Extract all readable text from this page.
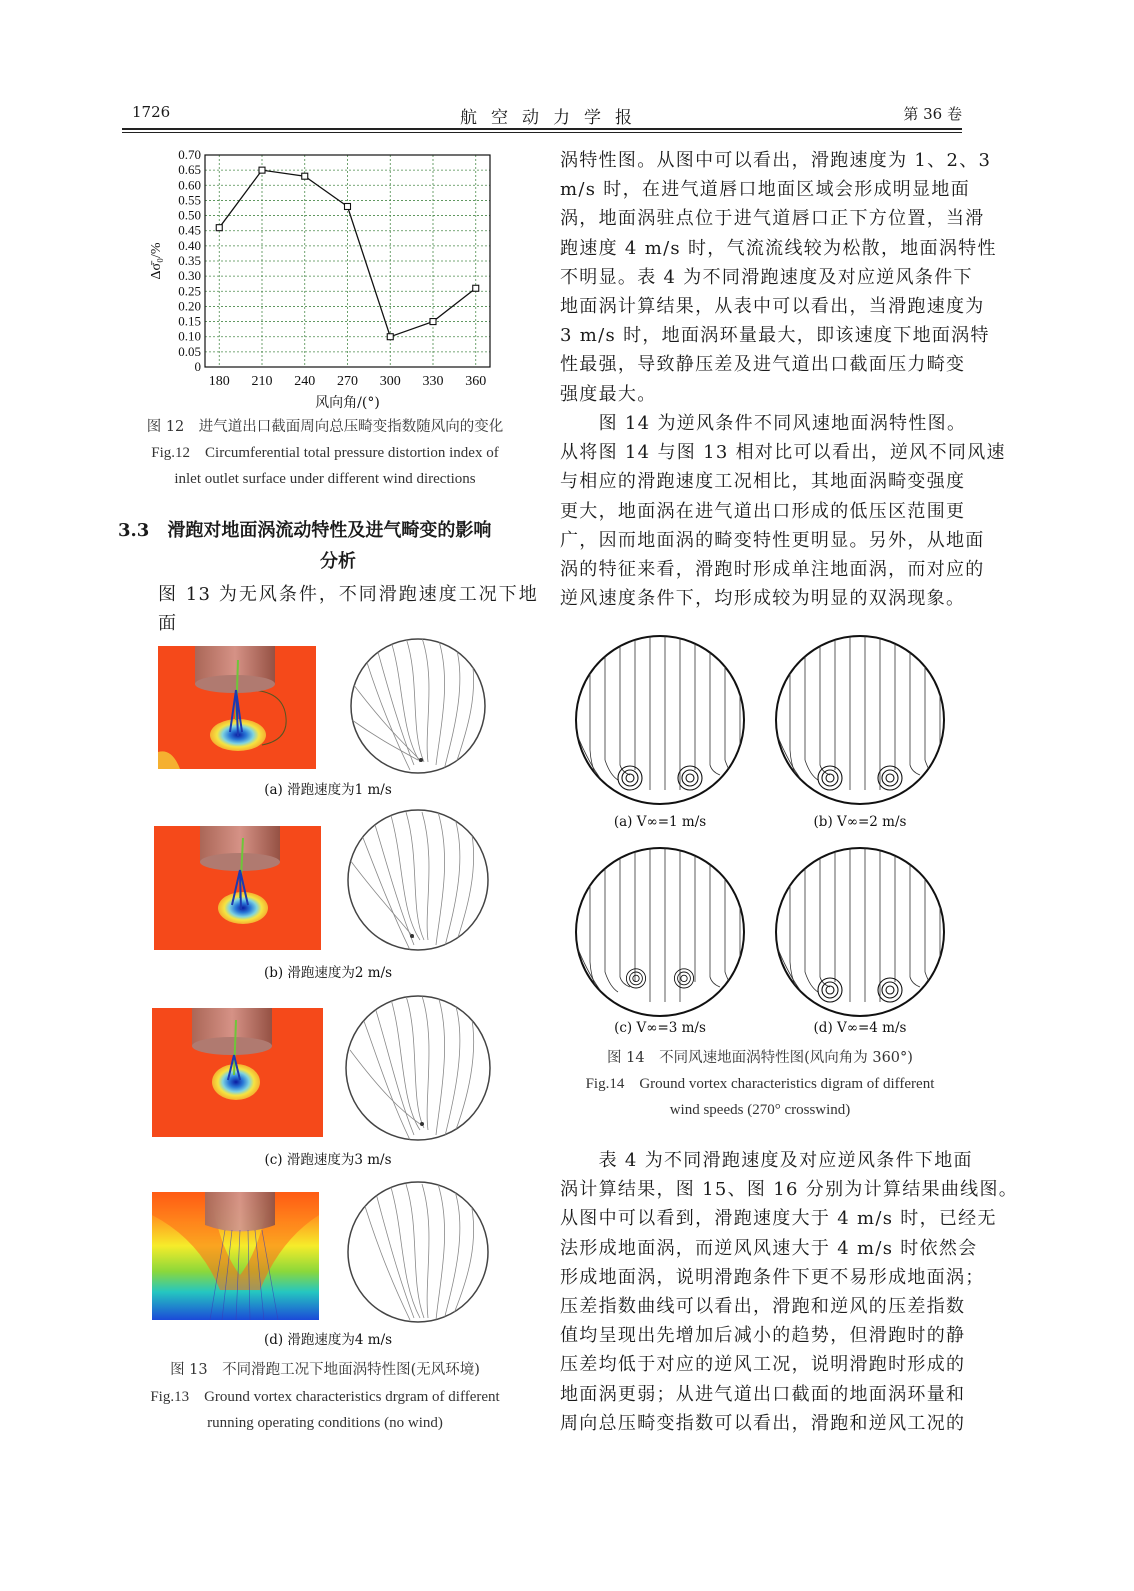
1726	航空动力学报	第 36 卷
0
0.05
0.10
0.15
0.20
0.25
0.30
0.35
0.40
0.45
0.50
0.55
0.60
0.65
0.70
180 210 240 270 300 330 360
风向角/(°)
Δσ̄₀/%
图 12　进气道出口截面周向总压畸变指数随风向的变化
Fig.12　Circumferential total pressure distortion index of
inlet outlet surface under different wind directions
3.3　滑跑对地面涡流动特性及进气畸变的影响
分析
图 13 为无风条件，不同滑跑速度工况下地面
涡特性图。从图中可以看出，滑跑速度为 1、2、3
m/s 时，在进气道唇口地面区域会形成明显地面
涡，地面涡驻点位于进气道唇口正下方位置，当滑
跑速度 4 m/s 时，气流流线较为松散，地面涡特性
不明显。表 4 为不同滑跑速度及对应逆风条件下
地面涡计算结果，从表中可以看出，当滑跑速度为
3 m/s 时，地面涡环量最大，即该速度下地面涡特
性最强，导致静压差及进气道出口截面压力畸变
强度最大。
　　图 14 为逆风条件不同风速地面涡特性图。
从将图 14 与图 13 相对比可以看出，逆风不同风速
与相应的滑跑速度工况相比，其地面涡畸变强度
更大，地面涡在进气道出口形成的低压区范围更
广，因而地面涡的畸变特性更明显。另外，从地面
涡的特征来看，滑跑时形成单注地面涡，而对应的
逆风速度条件下，均形成较为明显的双涡现象。
　　表 4 为不同滑跑速度及对应逆风条件下地面
涡计算结果，图 15、图 16 分别为计算结果曲线图。
从图中可以看到，滑跑速度大于 4 m/s 时，已经无
法形成地面涡，而逆风风速大于 4 m/s 时依然会
形成地面涡，说明滑跑条件下更不易形成地面涡；
压差指数曲线可以看出，滑跑和逆风的压差指数
值均呈现出先增加后减小的趋势，但滑跑时的静
压差均低于对应的逆风工况，说明滑跑时形成的
地面涡更弱；从进气道出口截面的地面涡环量和
周向总压畸变指数可以看出，滑跑和逆风工况的
(a) 滑跑速度为1 m/s
(b) 滑跑速度为2 m/s
(c) 滑跑速度为3 m/s
(d) 滑跑速度为4 m/s
图 13　不同滑跑工况下地面涡特性图(无风环境)
Fig.13　Ground vortex characteristics drgram of different
running operating conditions (no wind)
(a) V∞=1 m/s	(b) V∞=2 m/s
(c) V∞=3 m/s	(d) V∞=4 m/s
图 14　不同风速地面涡特性图(风向角为 360°)
Fig.14　Ground vortex characteristics digram of different
wind speeds (270° crosswind)
